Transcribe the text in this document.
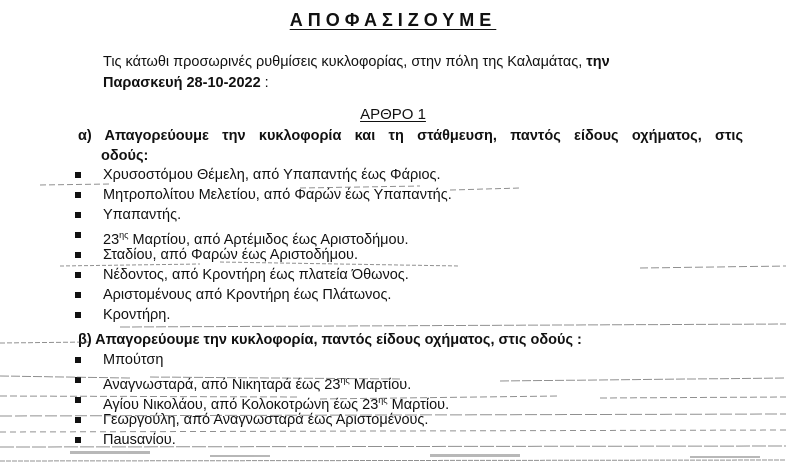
ΑΠΟΦΑΣΙΖΟΥΜΕ
Τις κάτωθι προσωρινές ρυθμίσεις κυκλοφορίας, στην πόλη της Καλαμάτας, την
Παρασκευή 28-10-2022 :
ΑΡΘΡΟ 1
α) Απαγορεύουμε την κυκλοφορία και τη στάθμευση, παντός είδους οχήματος, στις
οδούς:
Χρυσοστόμου Θέμελη, από Υπαπαντής έως Φάριος.
Μητροπολίτου Μελετίου, από Φαρών έως Υπαπαντής.
Υπαπαντής.
$23^{\eta\varsigma}$ Μαρτίου, από Αρτέμιδος έως Αριστοδήμου.
Σταδίου, από Φαρών έως Αριστοδήμου.
Νέδοντος, από Κροντήρη έως πλατεία Όθωνος.
Αριστομένους από Κροντήρη έως Πλάτωνος.
Κροντήρη.
β) Απαγορεύουμε την κυκλοφορία, παντός είδους οχήματος, στις οδούς :
Μπούτση
Αναγνωσταρά, από Νικηταρά έως $23^{\eta\varsigma}$ Μαρτίου.
Αγίου Νικολάου, από Κολοκοτρώνη έως $23^{\eta\varsigma}$ Μαρτίου.
Γεωργούλη, από Αναγνωσταρά έως Αριστομένους.
Πausανίου.
